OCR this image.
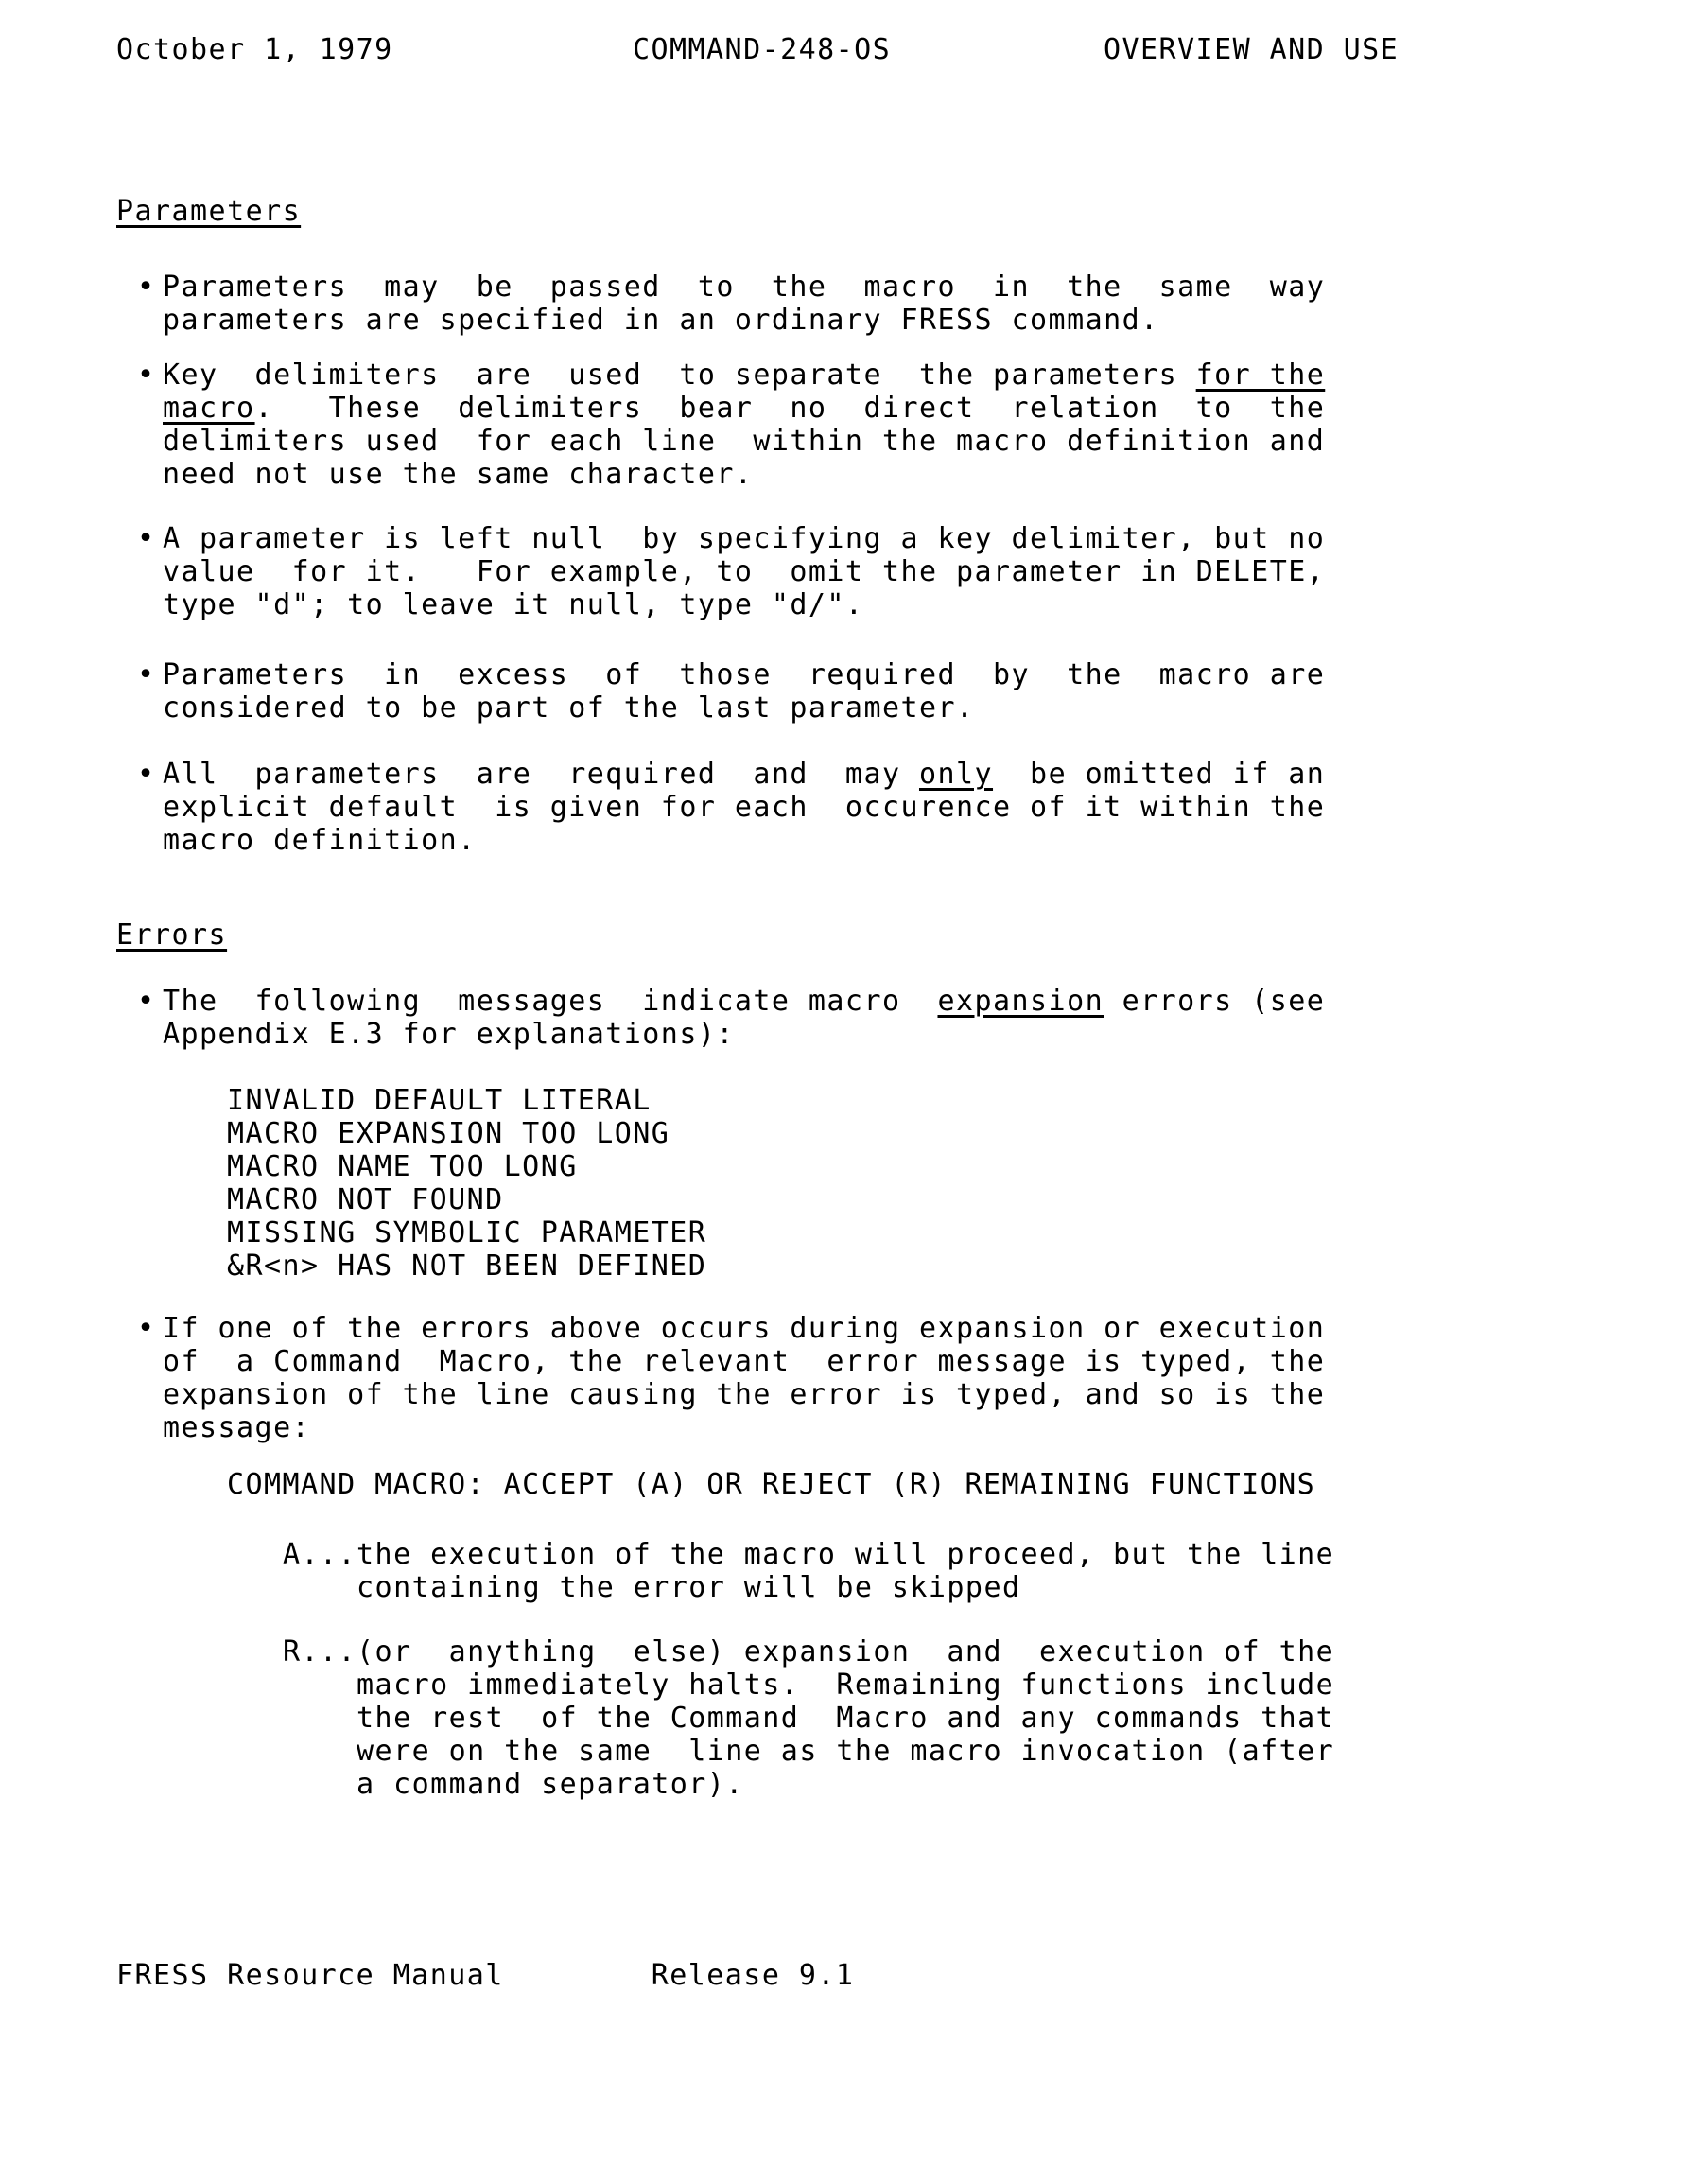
October 1, 1979	COMMAND-248-OS	OVERVIEW AND USE
Parameters
• Parameters  may  be  passed  to  the  macro  in  the  same  way
parameters are specified in an ordinary FRESS command.
• Key  delimiters  are  used  to separate  the parameters for the
macro.   These  delimiters  bear  no  direct  relation  to  the
delimiters used  for each line  within the macro definition and
need not use the same character.
• A parameter is left null  by specifying a key delimiter, but no
value  for it.   For example, to  omit the parameter in DELETE,
type "d"; to leave it null, type "d/".
• Parameters  in  excess  of  those  required  by  the  macro are
considered to be part of the last parameter.
• All  parameters  are  required  and  may only  be omitted if an
explicit default  is given for each  occurence of it within the
macro definition.
Errors
• The  following  messages  indicate macro  expansion errors (see
Appendix E.3 for explanations):
INVALID DEFAULT LITERAL
MACRO EXPANSION TOO LONG
MACRO NAME TOO LONG
MACRO NOT FOUND
MISSING SYMBOLIC PARAMETER
&R<n> HAS NOT BEEN DEFINED
• If one of the errors above occurs during expansion or execution
of  a Command  Macro, the relevant  error message is typed, the
expansion of the line causing the error is typed, and so is the
message:
COMMAND MACRO: ACCEPT (A) OR REJECT (R) REMAINING FUNCTIONS
A...the execution of the macro will proceed, but the line
containing the error will be skipped
R...(or  anything  else) expansion  and  execution of the
macro immediately halts.  Remaining functions include
the rest  of the Command  Macro and any commands that
were on the same  line as the macro invocation (after
a command separator).
FRESS Resource Manual	Release 9.1
